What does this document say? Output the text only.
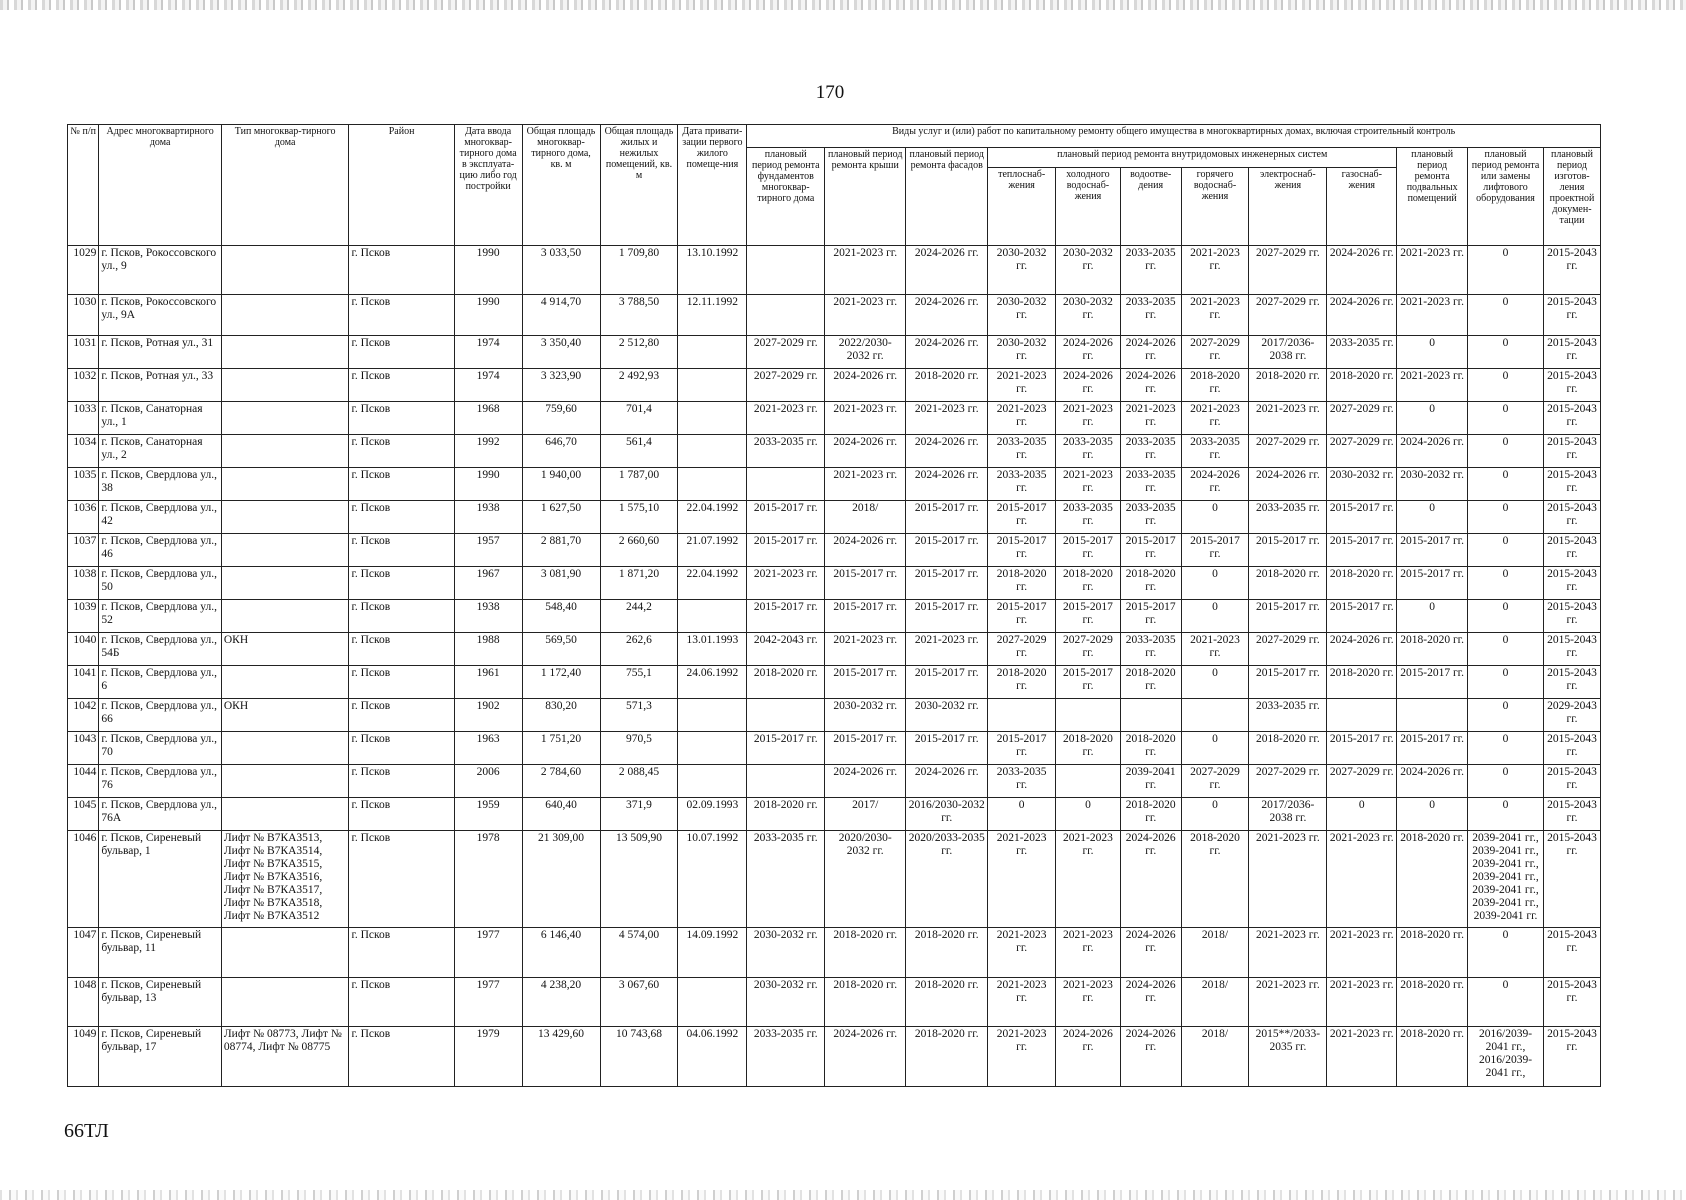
170
№ п/п	Адрес многоквартирного дома	Тип многоквар-тирного дома	Район	Дата ввода многоквар-тирного дома в эксплуата-цию либо год постройки	Общая площадь многоквар-тирного дома, кв. м	Общая площадь жилых и нежилых помещений, кв. м	Дата привати-зации первого жилого помеще-ния	Виды услуг и (или) работ по капитальному ремонту общего имущества в многоквартирных домах, включая строительный контроль											
								плановый период ремонта фундаментов многоквар-тирного дома	плановый период ремонта крыши	плановый период ремонта фасадов	плановый период ремонта внутридомовых инженерных систем						плановый период ремонта подвальных помещений	плановый период ремонта или замены лифтового оборудования	плановый период изготов-ления проектной докумен-тации
											теплоснаб-жения	холодного водоснаб-жения	водоотве-дения	горячего водоснаб-жения	электроснаб-жения	газоснаб-жения			
1029	г. Псков, Рокоссовского ул., 9		г. Псков	1990	3 033,50	1 709,80	13.10.1992		2021-2023 гг.	2024-2026 гг.	2030-2032 гг.	2030-2032 гг.	2033-2035 гг.	2021-2023 гг.	2027-2029 гг.	2024-2026 гг.	2021-2023 гг.	0	2015-2043 гг.
1030	г. Псков, Рокоссовского ул., 9А		г. Псков	1990	4 914,70	3 788,50	12.11.1992		2021-2023 гг.	2024-2026 гг.	2030-2032 гг.	2030-2032 гг.	2033-2035 гг.	2021-2023 гг.	2027-2029 гг.	2024-2026 гг.	2021-2023 гг.	0	2015-2043 гг.
1031	г. Псков, Ротная ул., 31		г. Псков	1974	3 350,40	2 512,80		2027-2029 гг.	2022/2030-2032 гг.	2024-2026 гг.	2030-2032 гг.	2024-2026 гг.	2024-2026 гг.	2027-2029 гг.	2017/2036-2038 гг.	2033-2035 гг.	0	0	2015-2043 гг.
1032	г. Псков, Ротная ул., 33		г. Псков	1974	3 323,90	2 492,93		2027-2029 гг.	2024-2026 гг.	2018-2020 гг.	2021-2023 гг.	2024-2026 гг.	2024-2026 гг.	2018-2020 гг.	2018-2020 гг.	2018-2020 гг.	2021-2023 гг.	0	2015-2043 гг.
1033	г. Псков, Санаторная ул., 1		г. Псков	1968	759,60	701,4		2021-2023 гг.	2021-2023 гг.	2021-2023 гг.	2021-2023 гг.	2021-2023 гг.	2021-2023 гг.	2021-2023 гг.	2021-2023 гг.	2027-2029 гг.	0	0	2015-2043 гг.
1034	г. Псков, Санаторная ул., 2		г. Псков	1992	646,70	561,4		2033-2035 гг.	2024-2026 гг.	2024-2026 гг.	2033-2035 гг.	2033-2035 гг.	2033-2035 гг.	2033-2035 гг.	2027-2029 гг.	2027-2029 гг.	2024-2026 гг.	0	2015-2043 гг.
1035	г. Псков, Свердлова ул., 38		г. Псков	1990	1 940,00	1 787,00			2021-2023 гг.	2024-2026 гг.	2033-2035 гг.	2021-2023 гг.	2033-2035 гг.	2024-2026 гг.	2024-2026 гг.	2030-2032 гг.	2030-2032 гг.	0	2015-2043 гг.
1036	г. Псков, Свердлова ул., 42		г. Псков	1938	1 627,50	1 575,10	22.04.1992	2015-2017 гг.	2018/	2015-2017 гг.	2015-2017 гг.	2033-2035 гг.	2033-2035 гг.	0	2033-2035 гг.	2015-2017 гг.	0	0	2015-2043 гг.
1037	г. Псков, Свердлова ул., 46		г. Псков	1957	2 881,70	2 660,60	21.07.1992	2015-2017 гг.	2024-2026 гг.	2015-2017 гг.	2015-2017 гг.	2015-2017 гг.	2015-2017 гг.	2015-2017 гг.	2015-2017 гг.	2015-2017 гг.	2015-2017 гг.	0	2015-2043 гг.
1038	г. Псков, Свердлова ул., 50		г. Псков	1967	3 081,90	1 871,20	22.04.1992	2021-2023 гг.	2015-2017 гг.	2015-2017 гг.	2018-2020 гг.	2018-2020 гг.	2018-2020 гг.	0	2018-2020 гг.	2018-2020 гг.	2015-2017 гг.	0	2015-2043 гг.
1039	г. Псков, Свердлова ул., 52		г. Псков	1938	548,40	244,2		2015-2017 гг.	2015-2017 гг.	2015-2017 гг.	2015-2017 гг.	2015-2017 гг.	2015-2017 гг.	0	2015-2017 гг.	2015-2017 гг.	0	0	2015-2043 гг.
1040	г. Псков, Свердлова ул., 54Б	ОКН	г. Псков	1988	569,50	262,6	13.01.1993	2042-2043 гг.	2021-2023 гг.	2021-2023 гг.	2027-2029 гг.	2027-2029 гг.	2033-2035 гг.	2021-2023 гг.	2027-2029 гг.	2024-2026 гг.	2018-2020 гг.	0	2015-2043 гг.
1041	г. Псков, Свердлова ул., 6		г. Псков	1961	1 172,40	755,1	24.06.1992	2018-2020 гг.	2015-2017 гг.	2015-2017 гг.	2018-2020 гг.	2015-2017 гг.	2018-2020 гг.	0	2015-2017 гг.	2018-2020 гг.	2015-2017 гг.	0	2015-2043 гг.
1042	г. Псков, Свердлова ул., 66	ОКН	г. Псков	1902	830,20	571,3			2030-2032 гг.	2030-2032 гг.					2033-2035 гг.			0	2029-2043 гг.
1043	г. Псков, Свердлова ул., 70		г. Псков	1963	1 751,20	970,5		2015-2017 гг.	2015-2017 гг.	2015-2017 гг.	2015-2017 гг.	2018-2020 гг.	2018-2020 гг.	0	2018-2020 гг.	2015-2017 гг.	2015-2017 гг.	0	2015-2043 гг.
1044	г. Псков, Свердлова ул., 76		г. Псков	2006	2 784,60	2 088,45			2024-2026 гг.	2024-2026 гг.	2033-2035 гг.		2039-2041 гг.	2027-2029 гг.	2027-2029 гг.	2027-2029 гг.	2024-2026 гг.	0	2015-2043 гг.
1045	г. Псков, Свердлова ул., 76А		г. Псков	1959	640,40	371,9	02.09.1993	2018-2020 гг.	2017/	2016/2030-2032 гг.	0	0	2018-2020 гг.	0	2017/2036-2038 гг.	0	0	0	2015-2043 гг.
1046	г. Псков, Сиреневый бульвар, 1	Лифт № В7КА3513, Лифт № В7КА3514, Лифт № В7КА3515, Лифт № В7КА3516, Лифт № В7КА3517, Лифт № В7КА3518, Лифт № В7КА3512	г. Псков	1978	21 309,00	13 509,90	10.07.1992	2033-2035 гг.	2020/2030-2032 гг.	2020/2033-2035 гг.	2021-2023 гг.	2021-2023 гг.	2024-2026 гг.	2018-2020 гг.	2021-2023 гг.	2021-2023 гг.	2018-2020 гг.	2039-2041 гг., 2039-2041 гг., 2039-2041 гг., 2039-2041 гг., 2039-2041 гг., 2039-2041 гг., 2039-2041 гг.	2015-2043 гг.
1047	г. Псков, Сиреневый бульвар, 11		г. Псков	1977	6 146,40	4 574,00	14.09.1992	2030-2032 гг.	2018-2020 гг.	2018-2020 гг.	2021-2023 гг.	2021-2023 гг.	2024-2026 гг.	2018/	2021-2023 гг.	2021-2023 гг.	2018-2020 гг.	0	2015-2043 гг.
1048	г. Псков, Сиреневый бульвар, 13		г. Псков	1977	4 238,20	3 067,60		2030-2032 гг.	2018-2020 гг.	2018-2020 гг.	2021-2023 гг.	2021-2023 гг.	2024-2026 гг.	2018/	2021-2023 гг.	2021-2023 гг.	2018-2020 гг.	0	2015-2043 гг.
1049	г. Псков, Сиреневый бульвар, 17	Лифт № 08773, Лифт № 08774, Лифт № 08775	г. Псков	1979	13 429,60	10 743,68	04.06.1992	2033-2035 гг.	2024-2026 гг.	2018-2020 гг.	2021-2023 гг.	2024-2026 гг.	2024-2026 гг.	2018/	2015**/2033-2035 гг.	2021-2023 гг.	2018-2020 гг.	2016/2039-2041 гг., 2016/2039-2041 гг.,	2015-2043 гг.
66ТЛ
